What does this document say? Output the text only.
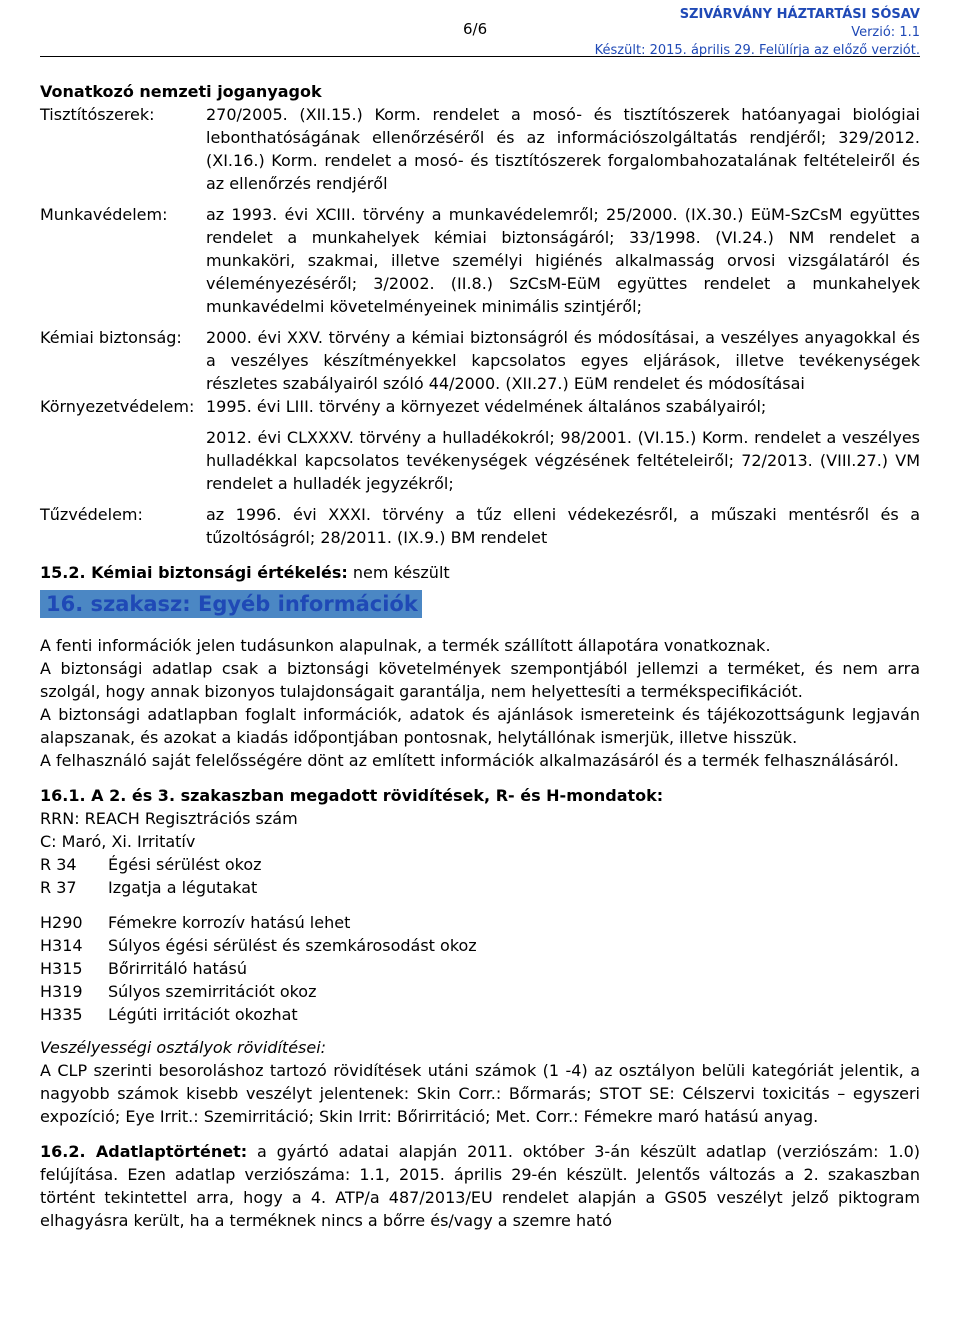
6/6
SZIVÁRVÁNY HÁZTARTÁSI SÓSAV
Verzió: 1.1
Készült: 2015. április 29. Felülírja az előző verziót.
Vonatkozó nemzeti joganyagok
Tisztítószerek:	270/2005. (XII.15.) Korm. rendelet a mosó- és tisztítószerek hatóanyagai biológiai lebonthatóságának ellenőrzéséről és az információszolgáltatás rendjéről; 329/2012. (XI.16.) Korm. rendelet a mosó- és tisztítószerek forgalombahozatalának feltételeiről és az ellenőrzés rendjéről
Munkavédelem:	az 1993. évi XCIII. törvény a munkavédelemről; 25/2000. (IX.30.) EüM-SzCsM együttes rendelet a munkahelyek kémiai biztonságáról; 33/1998. (VI.24.) NM rendelet a munkaköri, szakmai, illetve személyi higiénés alkalmasság orvosi vizsgálatáról és véleményezéséről; 3/2002. (II.8.) SzCsM-EüM együttes rendelet a munkahelyek munkavédelmi követelményeinek minimális szintjéről;
Kémiai biztonság:	2000. évi XXV. törvény a kémiai biztonságról és módosításai, a veszélyes anyagokkal és a veszélyes készítményekkel kapcsolatos egyes eljárások, illetve tevékenységek részletes szabályairól szóló 44/2000. (XII.27.) EüM rendelet és módosításai
Környezetvédelem: 1995. évi LIII. törvény a környezet védelmének általános szabályairól;
2012. évi CLXXXV. törvény a hulladékokról; 98/2001. (VI.15.) Korm. rendelet a veszélyes hulladékkal kapcsolatos tevékenységek végzésének feltételeiről; 72/2013. (VIII.27.) VM rendelet a hulladék jegyzékről;
Tűzvédelem:	az 1996. évi XXXI. törvény a tűz elleni védekezésről, a műszaki mentésről és a tűzoltóságról; 28/2011. (IX.9.) BM rendelet
15.2. Kémiai biztonsági értékelés: nem készült
16. szakasz: Egyéb információk

A fenti információk jelen tudásunkon alapulnak, a termék szállított állapotára vonatkoznak.

A biztonsági adatlap csak a biztonsági követelmények szempontjából jellemzi a terméket, és nem arra szolgál, hogy annak bizonyos tulajdonságait garantálja, nem helyettesíti a termékspecifikációt.

A biztonsági adatlapban foglalt információk, adatok és ajánlások ismereteink és tájékozottságunk legjaván alapszanak, és azokat a kiadás időpontjában pontosnak, helytállónak ismerjük, illetve hisszük.

A felhasználó saját felelősségére dönt az említett információk alkalmazásáról és a termék felhasználásáról.

16.1. A 2. és 3. szakaszban megadott rövidítések, R- és H-mondatok:

RRN: REACH Regisztrációs szám

C: Maró, Xi. Irritatív

R 34	Égési sérülést okoz
R 37	Izgatja a légutakat
H290	Fémekre korrozív hatású lehet
H314	Súlyos égési sérülést és szemkárosodást okoz
H315	Bőrirritáló hatású
H319	Súlyos szemirritációt okoz
H335	Légúti irritációt okozhat
Veszélyességi osztályok rövidítései:

A CLP szerinti besoroláshoz tartozó rövidítések utáni számok (1 -4) az osztályon belüli kategóriát jelentik, a nagyobb számok kisebb veszélyt jelentenek: Skin Corr.: Bőrmarás; STOT SE: Célszervi toxicitás – egyszeri expozíció; Eye Irrit.: Szemirritáció; Skin Irrit: Bőrirritáció; Met. Corr.: Fémekre maró hatású anyag.

16.2. Adatlaptörténet: a gyártó adatai alapján 2011. október 3-án készült adatlap (verziószám: 1.0) felújítása. Ezen adatlap verziószáma: 1.1, 2015. április 29-én készült. Jelentős változás a 2. szakaszban történt tekintettel arra, hogy a 4. ATP/a 487/2013/EU rendelet alapján a GS05 veszélyt jelző piktogram elhagyásra került, ha a terméknek nincs a bőrre és/vagy a szemre ható
